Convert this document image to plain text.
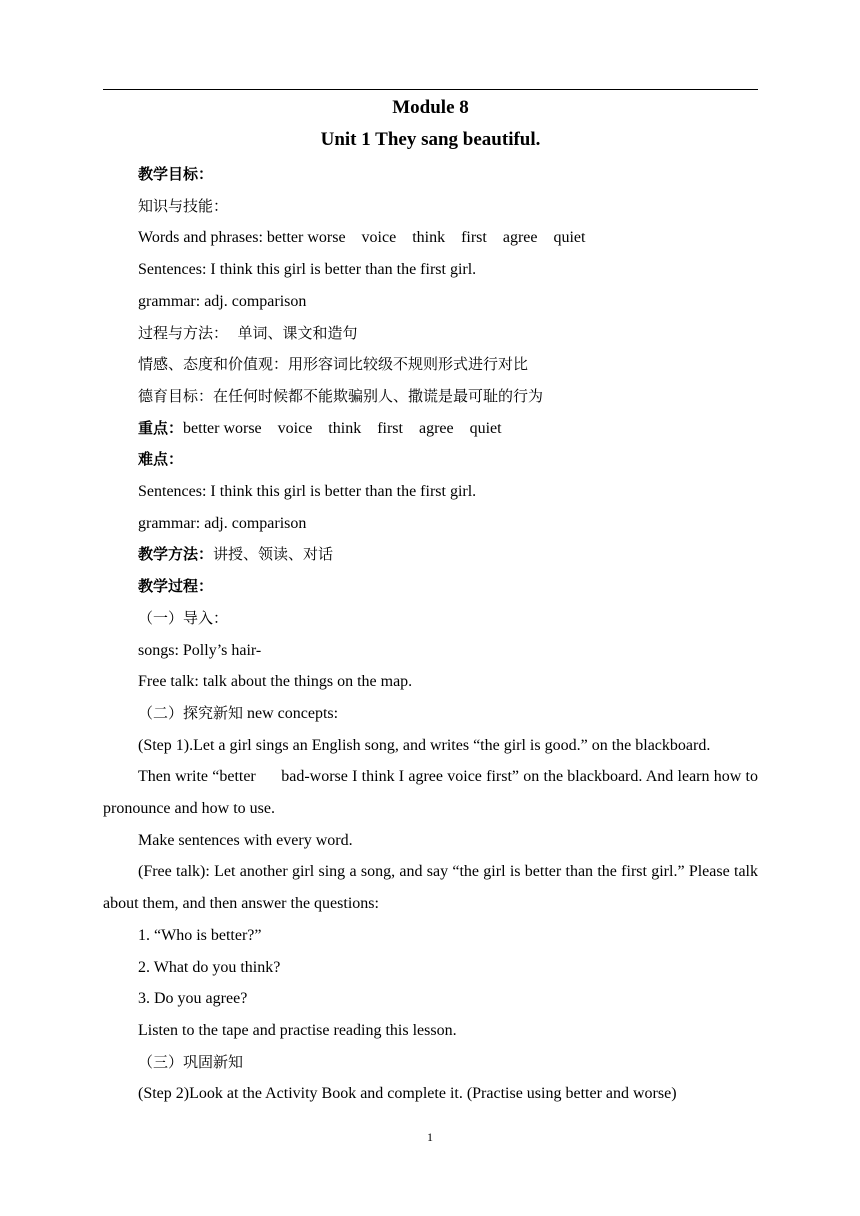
Module 8
Unit 1 They sang beautiful.

教学目标：

知识与技能：

Words and phrases: better worse    voice    think    first    agree    quiet

Sentences: I think this girl is better than the first girl.

grammar: adj. comparison

过程与方法：  单词、课文和造句

情感、态度和价值观：用形容词比较级不规则形式进行对比

德育目标：在任何时候都不能欺骗别人、撒谎是最可耻的行为

重点：better worse    voice    think    first    agree    quiet

难点：

Sentences: I think this girl is better than the first girl.

grammar: adj. comparison

教学方法：讲授、领读、对话

教学过程：

（一）导入：

songs: Polly’s hair-

Free talk: talk about the things on the map.

（二）探究新知 new concepts:

(Step 1).Let a girl sings an English song, and writes “the girl is good.” on the blackboard.

Then write “better      bad-worse I think I agree voice first” on the blackboard. And learn how to pronounce and how to use.

Make sentences with every word.

(Free talk): Let another girl sing a song, and say “the girl is better than the first girl.” Please talk about them, and then answer the questions:

1. “Who is better?”

2. What do you think?

3. Do you agree?

Listen to the tape and practise reading this lesson.

（三）巩固新知

(Step 2)Look at the Activity Book and complete it. (Practise using better and worse)

1
